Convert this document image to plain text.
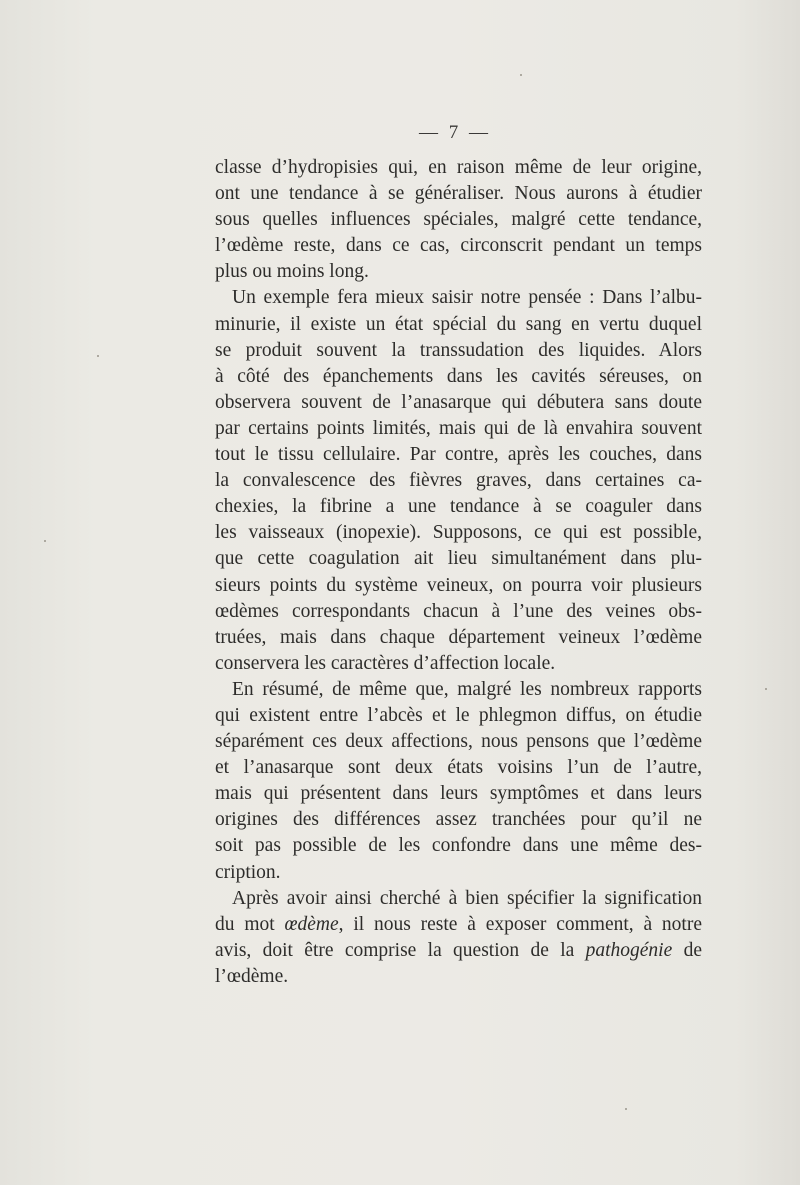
— 7 —
classe d’hydropisies qui, en raison même de leur origine,
ont une tendance à se généraliser. Nous aurons à étudier
sous quelles influences spéciales, malgré cette tendance,
l’œdème reste, dans ce cas, circonscrit pendant un temps
plus ou moins long.
Un exemple fera mieux saisir notre pensée : Dans l’albu-
minurie, il existe un état spécial du sang en vertu duquel
se produit souvent la transsudation des liquides. Alors
à côté des épanchements dans les cavités séreuses, on
observera souvent de l’anasarque qui débutera sans doute
par certains points limités, mais qui de là envahira souvent
tout le tissu cellulaire. Par contre, après les couches, dans
la convalescence des fièvres graves, dans certaines ca-
chexies, la fibrine a une tendance à se coaguler dans
les vaisseaux (inopexie). Supposons, ce qui est possible,
que cette coagulation ait lieu simultanément dans plu-
sieurs points du système veineux, on pourra voir plusieurs
œdèmes correspondants chacun à l’une des veines obs-
truées, mais dans chaque département veineux l’œdème
conservera les caractères d’affection locale.
En résumé, de même que, malgré les nombreux rapports
qui existent entre l’abcès et le phlegmon diffus, on étudie
séparément ces deux affections, nous pensons que l’œdème
et l’anasarque sont deux états voisins l’un de l’autre,
mais qui présentent dans leurs symptômes et dans leurs
origines des différences assez tranchées pour qu’il ne
soit pas possible de les confondre dans une même des-
cription.
Après avoir ainsi cherché à bien spécifier la signification
du mot œdème, il nous reste à exposer comment, à notre
avis, doit être comprise la question de la pathogénie de
l’œdème.
